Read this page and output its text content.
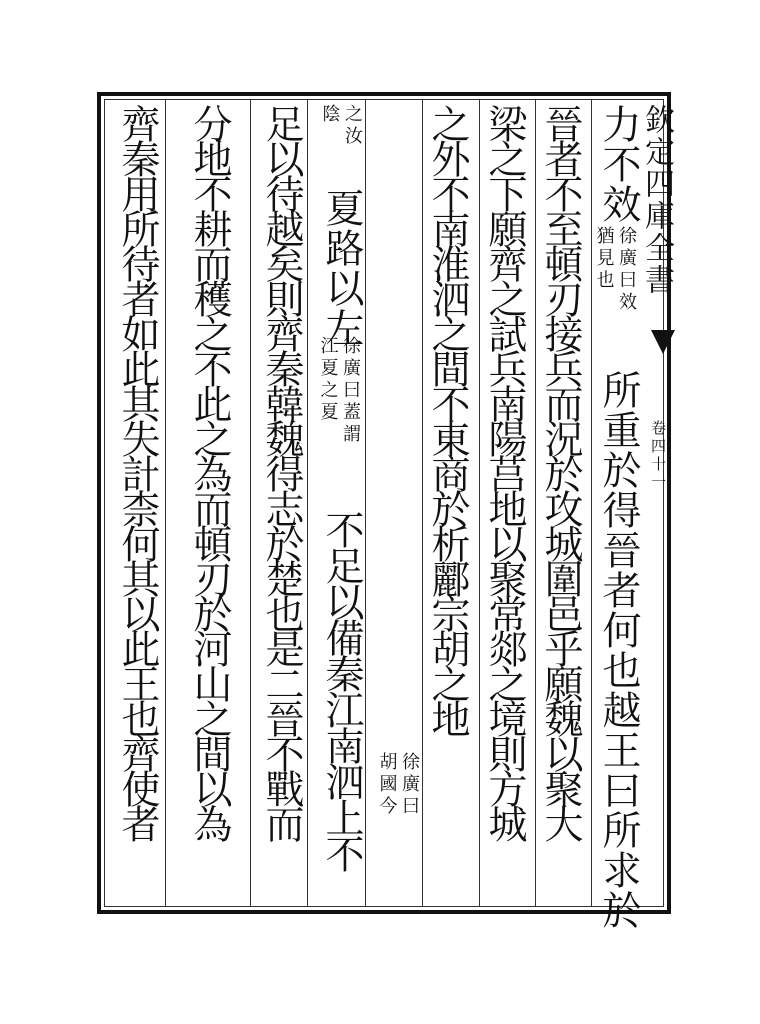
欽定四庫全書
卷四十一
力不效
徐廣曰效
猶見也
所重於得晉者何也越王曰所求於
晉者不至頓刃接兵而況於攻城圍邑乎願魏以聚大
梁之下願齊之試兵南陽莒地以聚常郯之境則方城
之外不南淮泗之間不東商於析酈宗胡之地
徐廣曰
胡國今
之汝
陰
夏路以左
徐廣曰蓋謂
江夏之夏
不足以備秦江南泗上不
足以待越矣則齊秦韓魏得志於楚也是二晉不戰而
分地不耕而穫之不此之為而頓刃於河山之間以為
齊秦用所待者如此其失計柰何其以此王也齊使者
